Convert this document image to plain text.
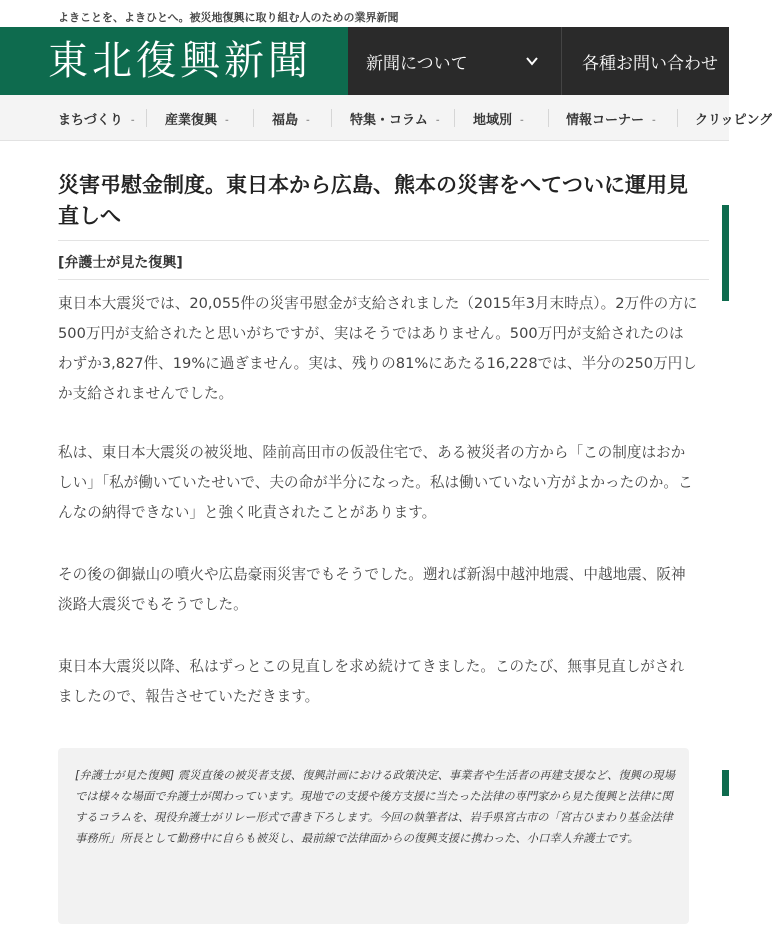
よきことを、よきひとへ。被災地復興に取り組む人のための業界新聞
東北復興新聞	新聞について	各種お問い合わせ
まちづくり - 産業復興 -	福島 -	特集・コラム -	地域別 -	情報コーナー -	クリッピング
災害弔慰金制度。東日本から広島、熊本の災害をへてついに運用見直しへ
[弁護士が見た復興]

東日本大震災では、20,055件の災害弔慰金が支給されました（2015年3月末時点）。2万件の方に500万円が支給されたと思いがちですが、実はそうではありません。500万円が支給されたのはわずか3,827件、19%に過ぎません。実は、残りの81%にあたる16,228では、半分の250万円しか支給されませんでした。

私は、東日本大震災の被災地、陸前高田市の仮設住宅で、ある被災者の方から「この制度はおかしい」「私が働いていたせいで、夫の命が半分になった。私は働いていない方がよかったのか。こんなの納得できない」と強く叱責されたことがあります。

その後の御嶽山の噴火や広島豪雨災害でもそうでした。遡れば新潟中越沖地震、中越地震、阪神淡路大震災でもそうでした。

東日本大震災以降、私はずっとこの見直しを求め続けてきました。このたび、無事見直しがされましたので、報告させていただきます。

[弁護士が見た復興] 震災直後の被災者支援、復興計画における政策決定、事業者や生活者の再建支援など、復興の現場では様々な場面で弁護士が関わっています。現地での支援や後方支援に当たった法律の専門家から見た復興と法律に関するコラムを、現役弁護士がリレー形式で書き下ろします。今回の執筆者は、岩手県宮古市の「宮古ひまわり基金法律事務所」所長として勤務中に自らも被災し、最前線で法律面からの復興支援に携わった、小口幸人弁護士です。
